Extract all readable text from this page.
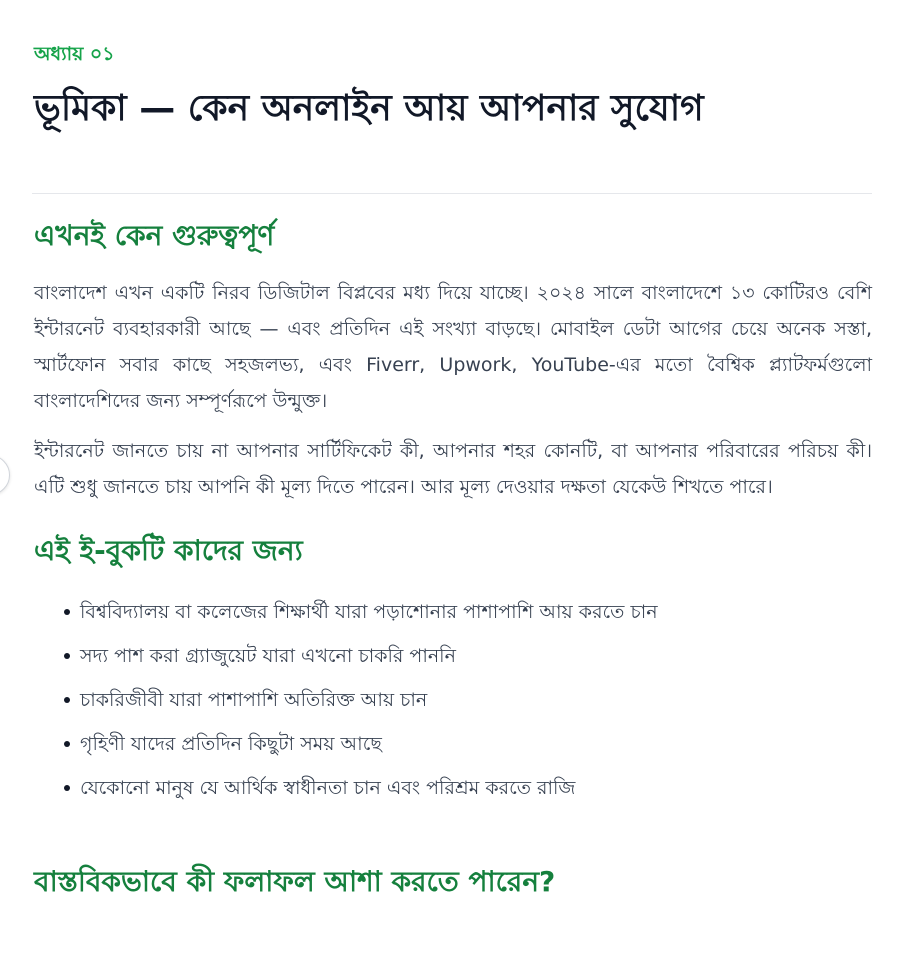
অধ্যায় ০১
ভূমিকা — কেন অনলাইন আয় আপনার সুযোগ
এখনই কেন গুরুত্বপূর্ণ

বাংলাদেশ এখন একটি নিরব ডিজিটাল বিপ্লবের মধ্য দিয়ে যাচ্ছে। ২০২৪ সালে বাংলাদেশে ১৩ কোটিরও বেশি ইন্টারনেট ব্যবহারকারী আছে — এবং প্রতিদিন এই সংখ্যা বাড়ছে। মোবাইল ডেটা আগের চেয়ে অনেক সস্তা, স্মার্টফোন সবার কাছে সহজলভ্য, এবং Fiverr, Upwork, YouTube-এর মতো বৈশ্বিক প্ল্যাটফর্মগুলো বাংলাদেশিদের জন্য সম্পূর্ণরূপে উন্মুক্ত।

ইন্টারনেট জানতে চায় না আপনার সার্টিফিকেট কী, আপনার শহর কোনটি, বা আপনার পরিবারের পরিচয় কী। এটি শুধু জানতে চায় আপনি কী মূল্য দিতে পারেন। আর মূল্য দেওয়ার দক্ষতা যেকেউ শিখতে পারে।

এই ই-বুকটি কাদের জন্য
বিশ্ববিদ্যালয় বা কলেজের শিক্ষার্থী যারা পড়াশোনার পাশাপাশি আয় করতে চান
সদ্য পাশ করা গ্র্যাজুয়েট যারা এখনো চাকরি পাননি
চাকরিজীবী যারা পাশাপাশি অতিরিক্ত আয় চান
গৃহিণী যাদের প্রতিদিন কিছুটা সময় আছে
যেকোনো মানুষ যে আর্থিক স্বাধীনতা চান এবং পরিশ্রম করতে রাজি
বাস্তবিকভাবে কী ফলাফল আশা করতে পারেন?
